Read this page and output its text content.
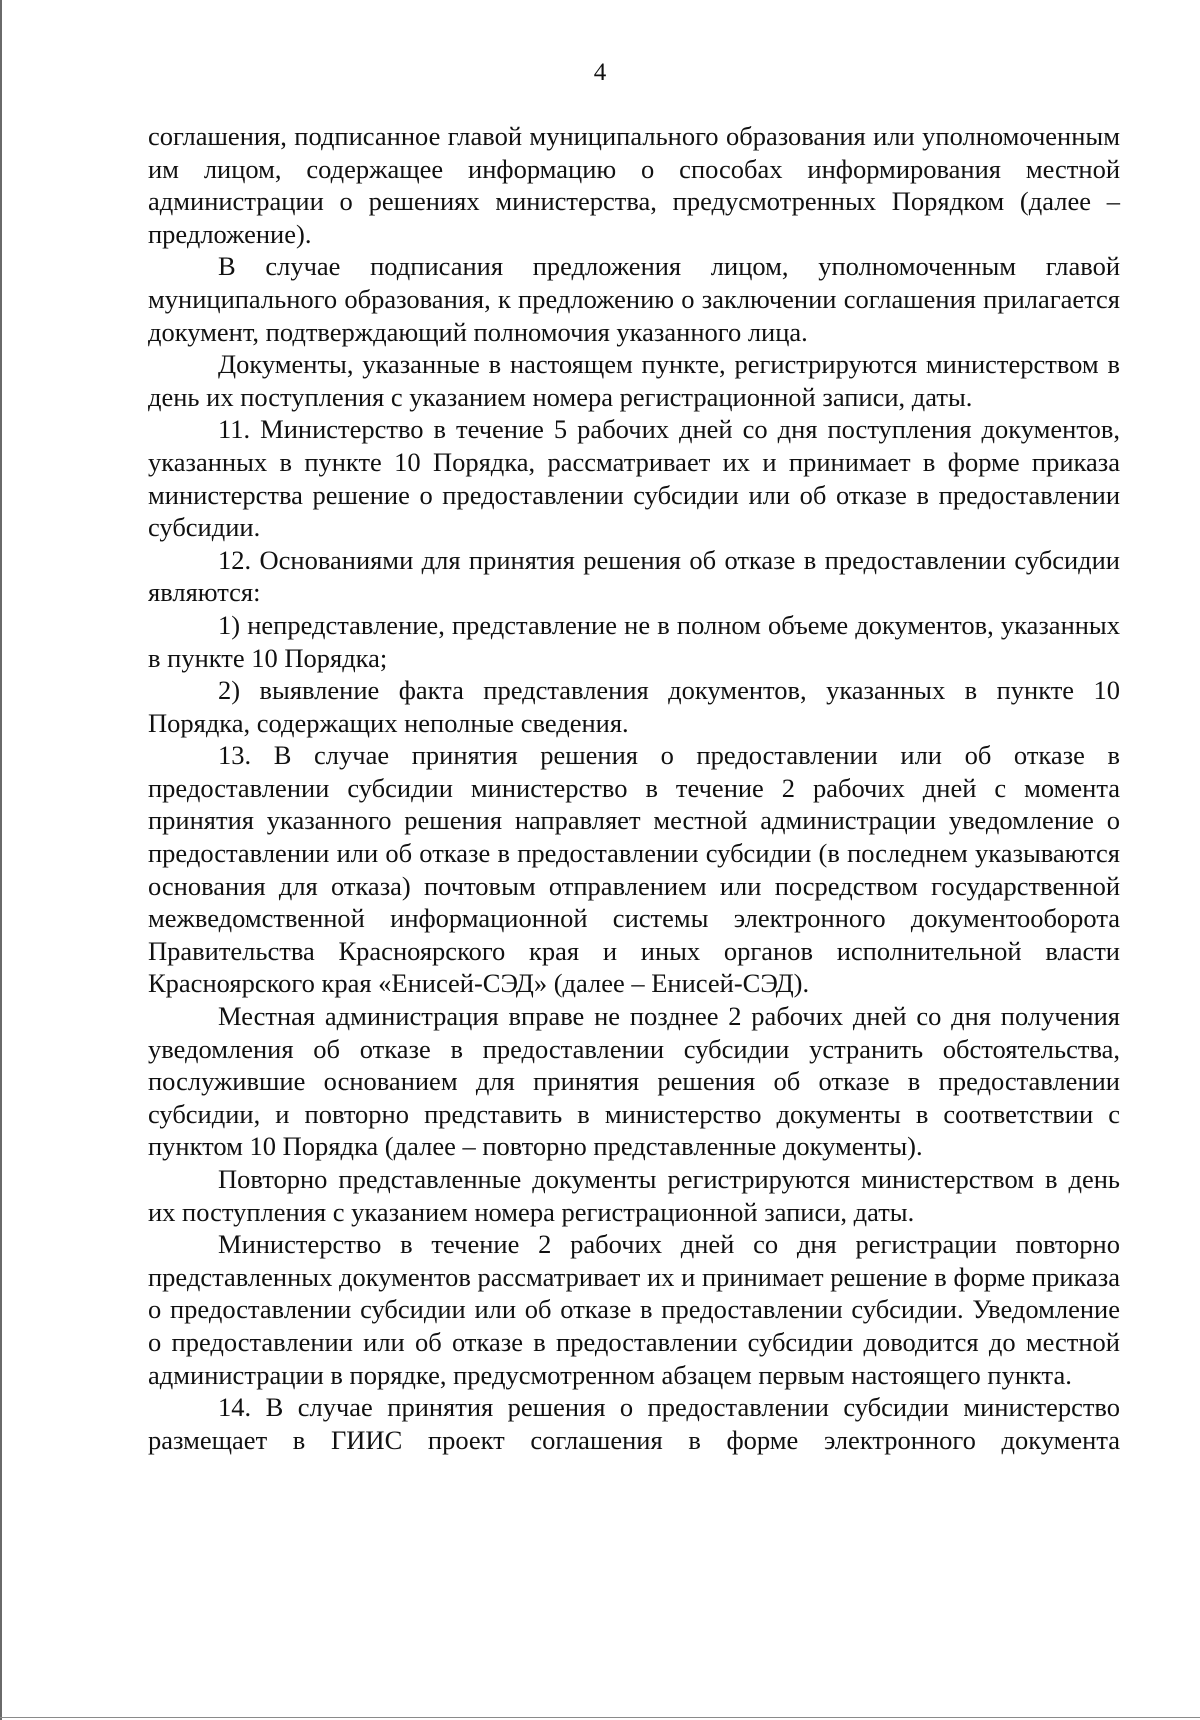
4

соглашения, подписанное главой муниципального образования или уполномоченным им лицом, содержащее информацию о способах информирования местной администрации о решениях министерства, предусмотренных Порядком (далее – предложение).

В случае подписания предложения лицом, уполномоченным главой муниципального образования, к предложению о заключении соглашения прилагается документ, подтверждающий полномочия указанного лица.

Документы, указанные в настоящем пункте, регистрируются министерством в день их поступления с указанием номера регистрационной записи, даты.

11. Министерство в течение 5 рабочих дней со дня поступления документов, указанных в пункте 10 Порядка, рассматривает их и принимает в форме приказа министерства решение о предоставлении субсидии или об отказе в предоставлении субсидии.

12. Основаниями для принятия решения об отказе в предоставлении субсидии являются:

1) непредставление, представление не в полном объеме документов, указанных в пункте 10 Порядка;

2) выявление факта представления документов, указанных в пункте 10 Порядка, содержащих неполные сведения.

13. В случае принятия решения о предоставлении или об отказе в предоставлении субсидии министерство в течение 2 рабочих дней с момента принятия указанного решения направляет местной администрации уведомление о предоставлении или об отказе в предоставлении субсидии (в последнем указываются основания для отказа) почтовым отправлением или посредством государственной межведомственной информационной системы электронного документооборота Правительства Красноярского края и иных органов исполнительной власти Красноярского края «Енисей-СЭД» (далее – Енисей-СЭД).

Местная администрация вправе не позднее 2 рабочих дней со дня получения уведомления об отказе в предоставлении субсидии устранить обстоятельства, послужившие основанием для принятия решения об отказе в предоставлении субсидии, и повторно представить в министерство документы в соответствии с пунктом 10 Порядка (далее – повторно представленные документы).

Повторно представленные документы регистрируются министерством в день их поступления с указанием номера регистрационной записи, даты.

Министерство в течение 2 рабочих дней со дня регистрации повторно представленных документов рассматривает их и принимает решение в форме приказа о предоставлении субсидии или об отказе в предоставлении субсидии. Уведомление о предоставлении или об отказе в предоставлении субсидии доводится до местной администрации в порядке, предусмотренном абзацем первым настоящего пункта.

14. В случае принятия решения о предоставлении субсидии министерство размещает в ГИИС проект соглашения в форме электронного документа
